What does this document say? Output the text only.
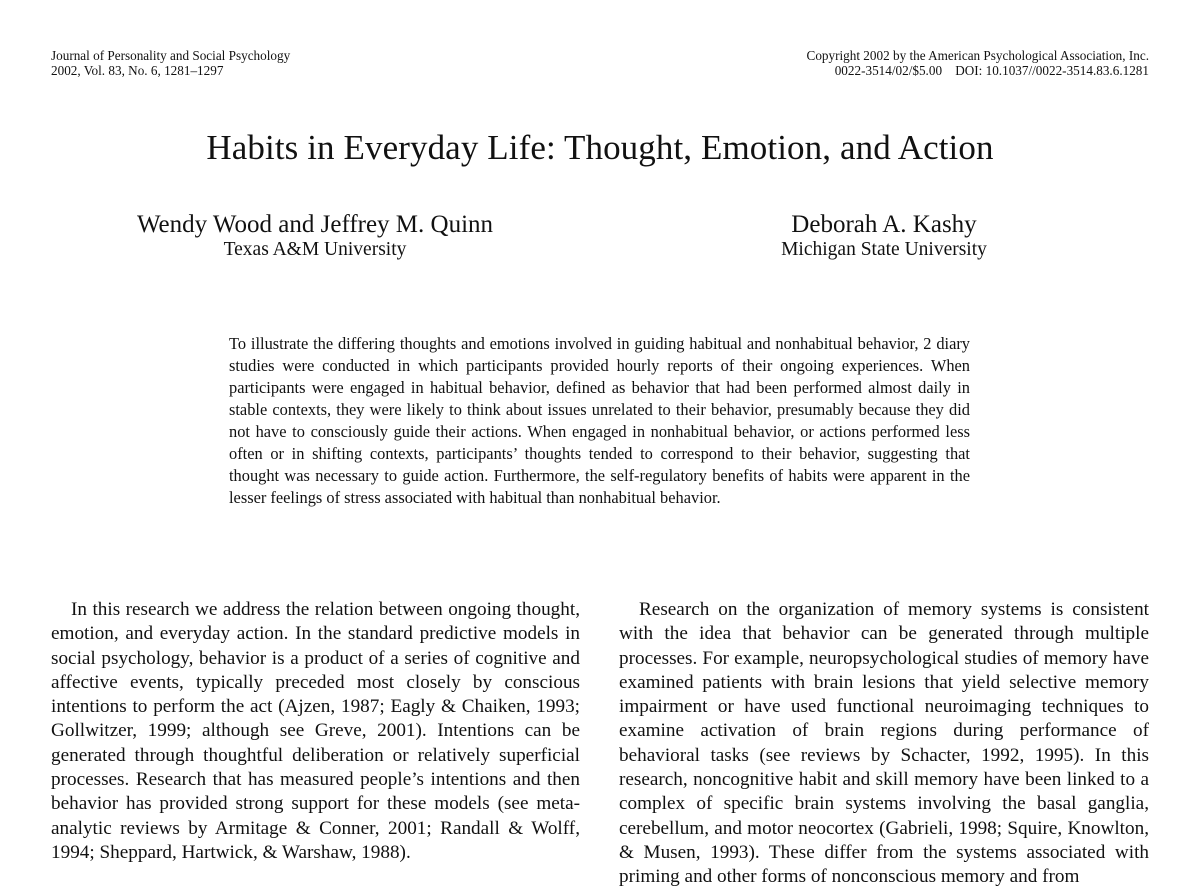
Journal of Personality and Social Psychology
2002, Vol. 83, No. 6, 1281–1297
Copyright 2002 by the American Psychological Association, Inc.
0022-3514/02/$5.00    DOI: 10.1037//0022-3514.83.6.1281
Habits in Everyday Life: Thought, Emotion, and Action
Wendy Wood and Jeffrey M. Quinn
Texas A&M University
Deborah A. Kashy
Michigan State University
To illustrate the differing thoughts and emotions involved in guiding habitual and nonhabitual behavior, 2 diary studies were conducted in which participants provided hourly reports of their ongoing experiences. When participants were engaged in habitual behavior, defined as behavior that had been performed almost daily in stable contexts, they were likely to think about issues unrelated to their behavior, presumably because they did not have to consciously guide their actions. When engaged in nonhabitual behavior, or actions performed less often or in shifting contexts, participants’ thoughts tended to correspond to their behavior, suggesting that thought was necessary to guide action. Furthermore, the self-regulatory benefits of habits were apparent in the lesser feelings of stress associated with habitual than nonhabitual behavior.

In this research we address the relation between ongoing thought, emotion, and everyday action. In the standard predictive models in social psychology, behavior is a product of a series of cognitive and affective events, typically preceded most closely by conscious intentions to perform the act (Ajzen, 1987; Eagly & Chaiken, 1993; Gollwitzer, 1999; although see Greve, 2001). Intentions can be generated through thoughtful deliberation or relatively superficial processes. Research that has measured people’s intentions and then behavior has provided strong support for these models (see meta-analytic reviews by Armitage & Conner, 2001; Randall & Wolff, 1994; Sheppard, Hartwick, & Warshaw, 1988).

Research on the organization of memory systems is consistent with the idea that behavior can be generated through multiple processes. For example, neuropsychological studies of memory have examined patients with brain lesions that yield selective memory impairment or have used functional neuroimaging techniques to examine activation of brain regions during performance of behavioral tasks (see reviews by Schacter, 1992, 1995). In this research, noncognitive habit and skill memory have been linked to a complex of specific brain systems involving the basal ganglia, cerebellum, and motor neocortex (Gabrieli, 1998; Squire, Knowlton, & Musen, 1993). These differ from the systems associated with priming and other forms of nonconscious memory and from
